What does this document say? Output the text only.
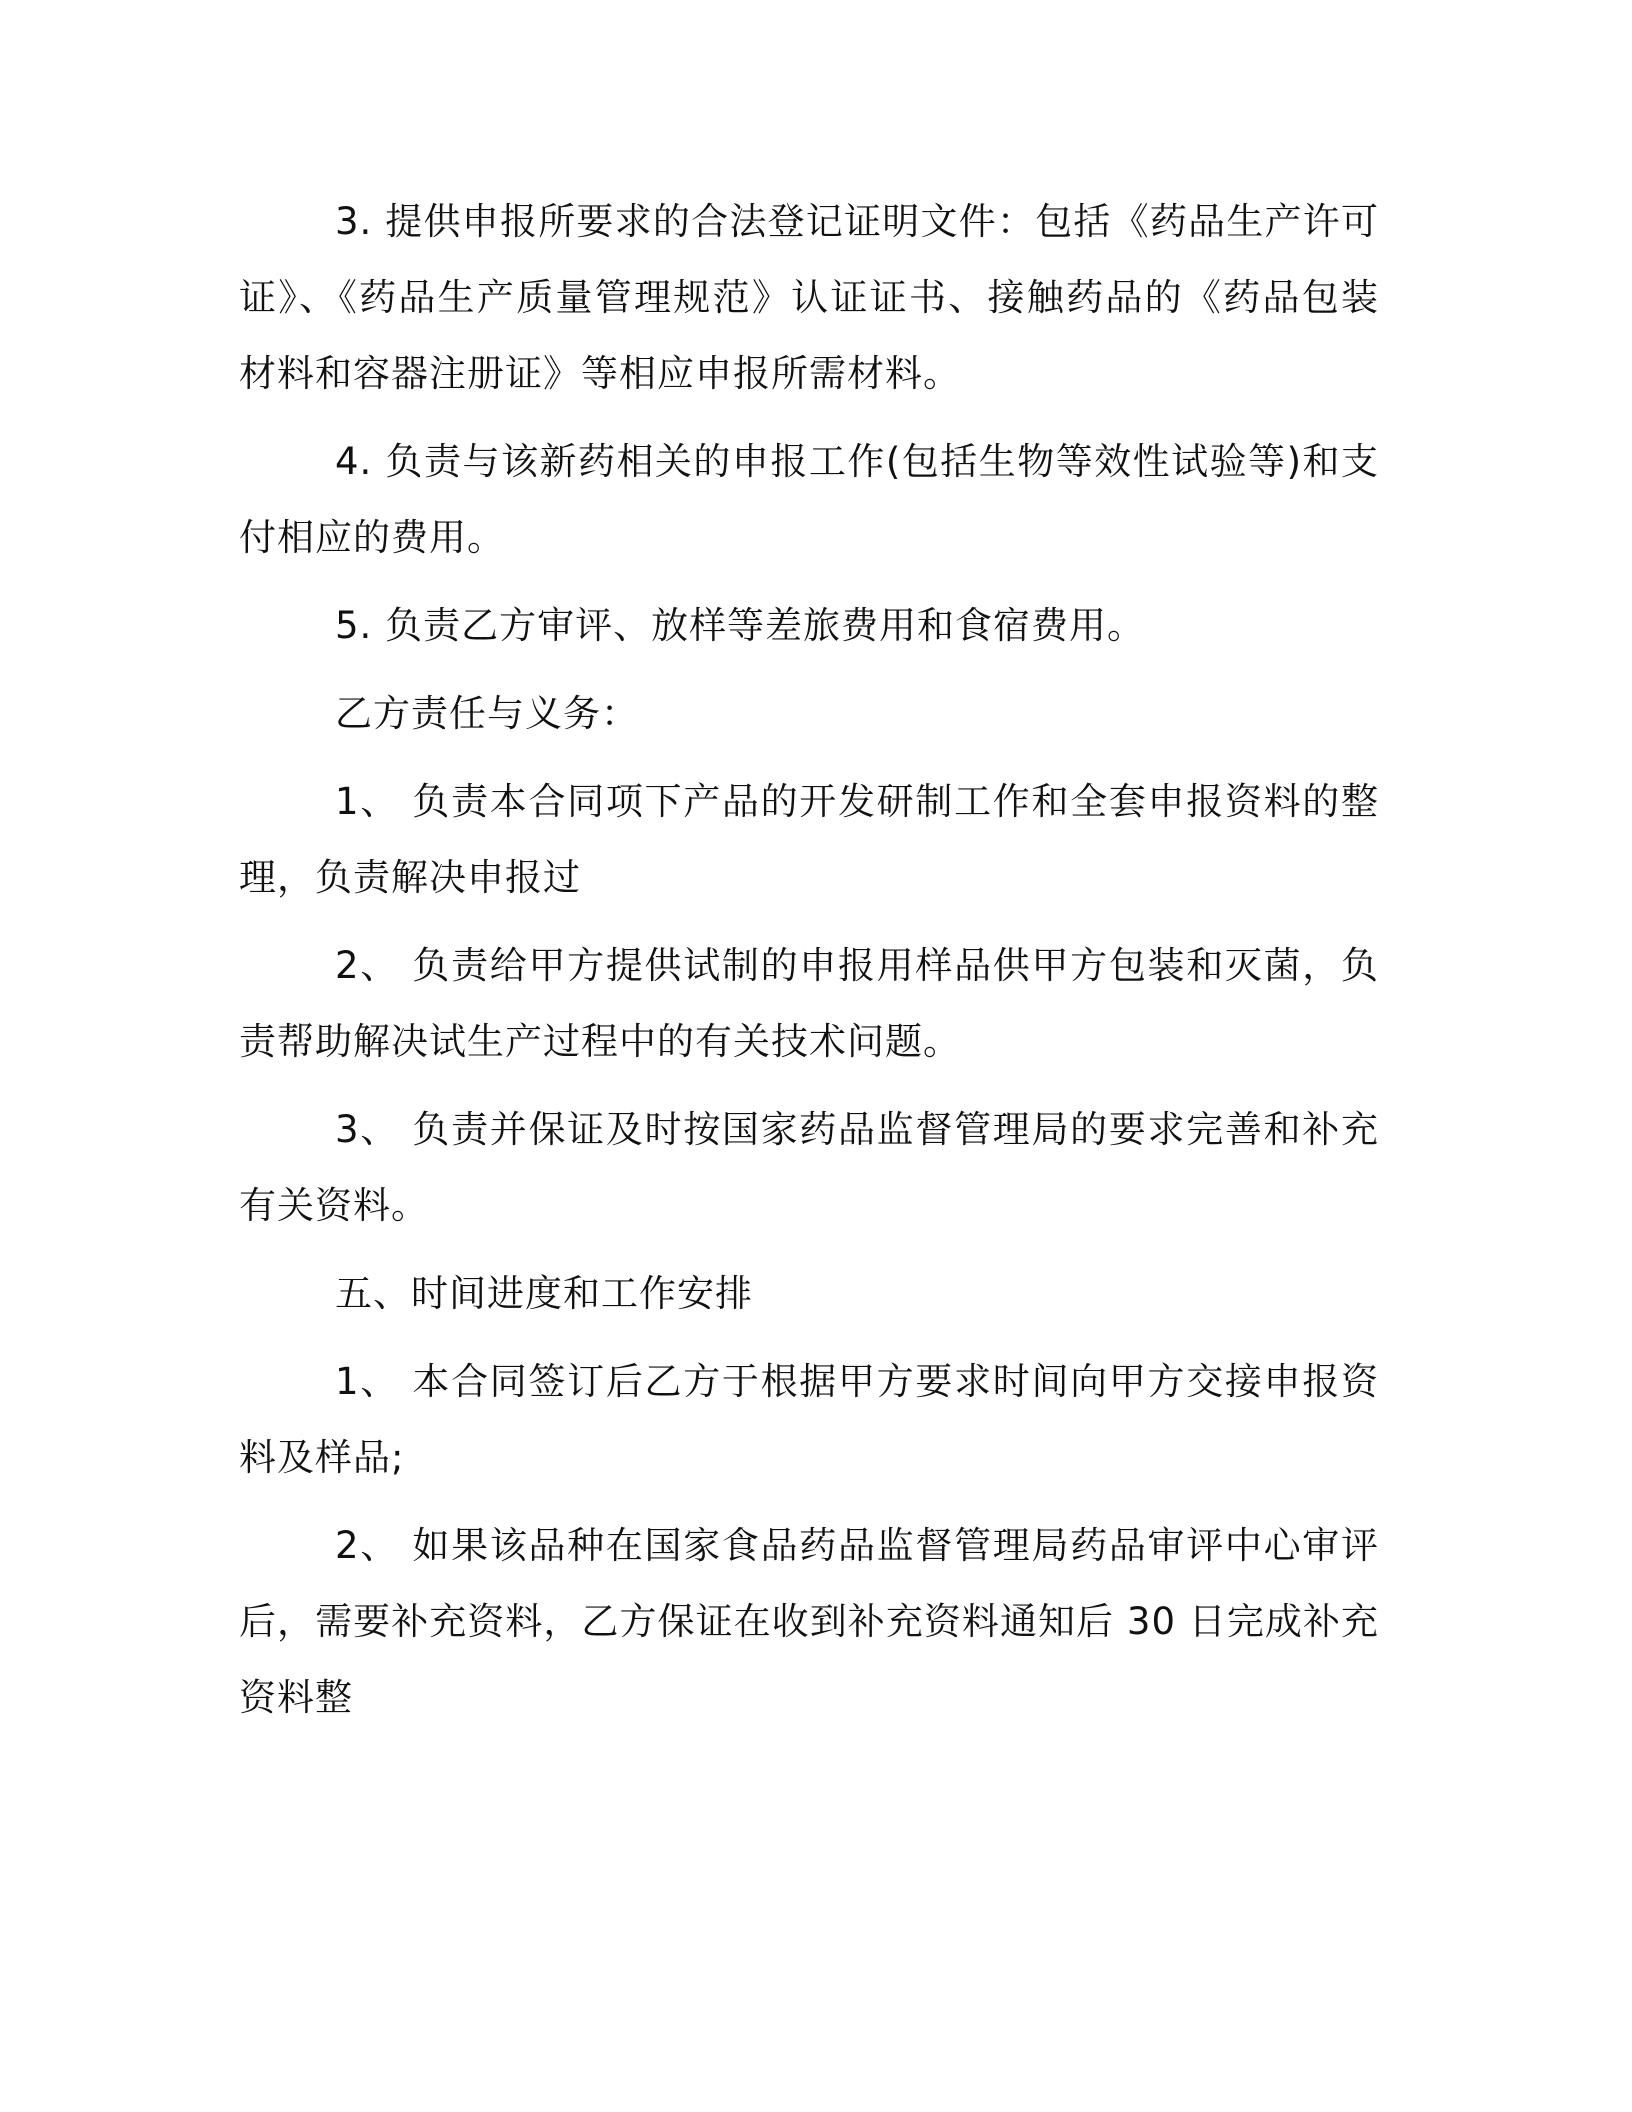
3. 提供申报所要求的合法登记证明文件：包括《药品生产许可证》、《药品生产质量管理规范》认证证书、接触药品的《药品包装材料和容器注册证》等相应申报所需材料。

4. 负责与该新药相关的申报工作(包括生物等效性试验等)和支付相应的费用。

5. 负责乙方审评、放样等差旅费用和食宿费用。

乙方责任与义务：

1、 负责本合同项下产品的开发研制工作和全套申报资料的整理，负责解决申报过

2、 负责给甲方提供试制的申报用样品供甲方包装和灭菌，负责帮助解决试生产过程中的有关技术问题。

3、 负责并保证及时按国家药品监督管理局的要求完善和补充有关资料。

五、时间进度和工作安排

1、 本合同签订后乙方于根据甲方要求时间向甲方交接申报资料及样品;

2、 如果该品种在国家食品药品监督管理局药品审评中心审评后，需要补充资料，乙方保证在收到补充资料通知后 30 日完成补充资料整
